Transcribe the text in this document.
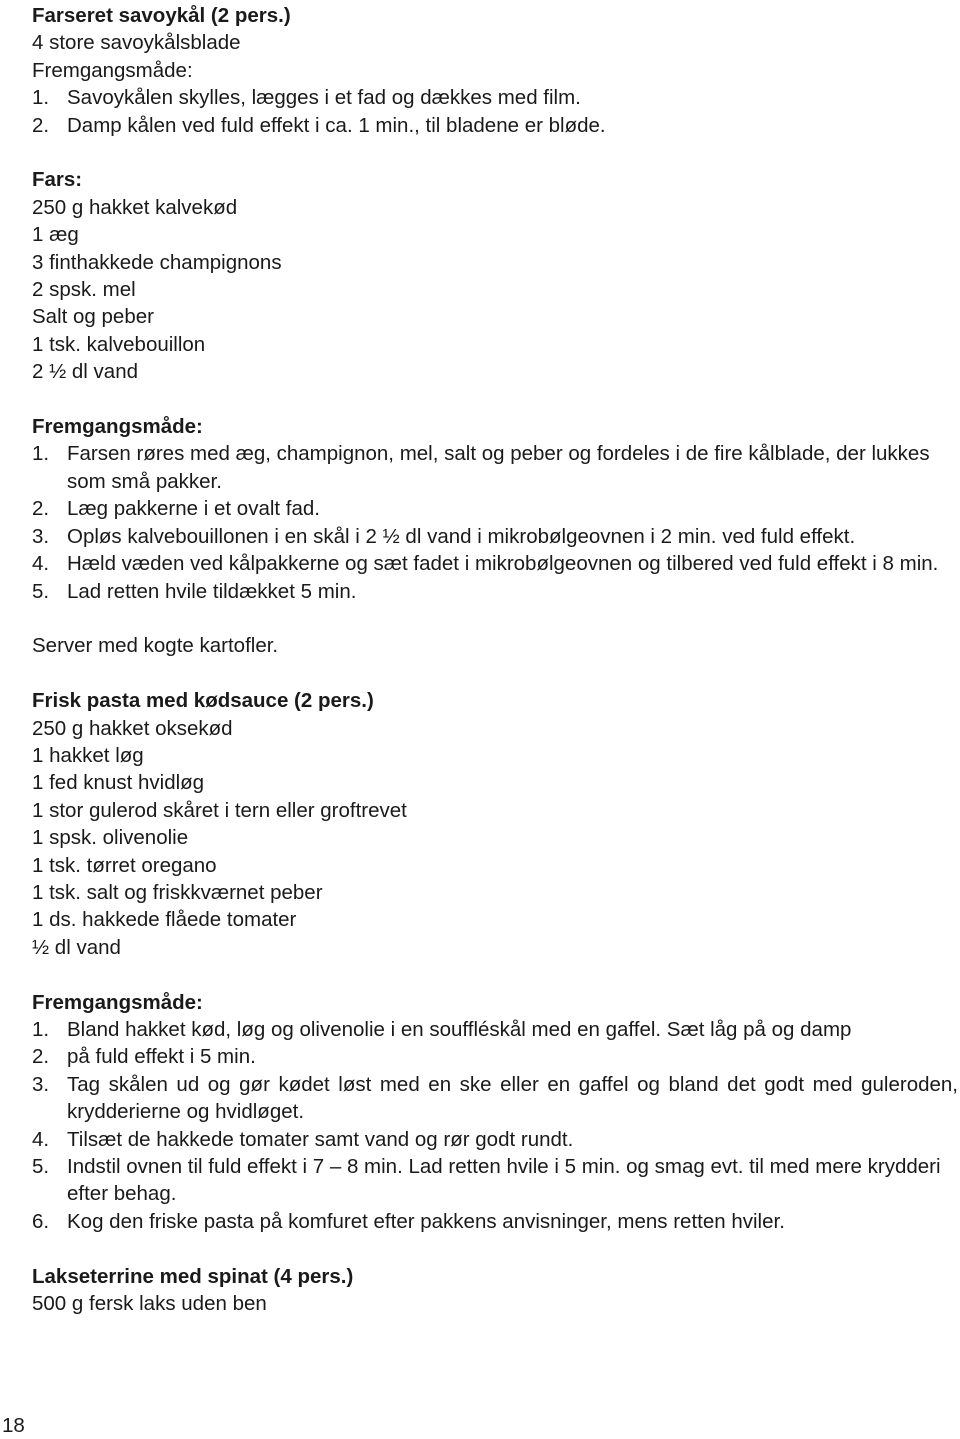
Farseret savoykål (2 pers.)
4 store savoykålsblade
Fremgangsmåde:
1. Savoykålen skylles, lægges i et fad og dækkes med film.
2. Damp kålen ved fuld effekt i ca. 1 min., til bladene er bløde.
Fars:
250 g hakket kalvekød
1 æg
3 finthakkede champignons
2 spsk. mel
Salt og peber
1 tsk. kalvebouillon
2 ½ dl vand
Fremgangsmåde:
1. Farsen røres med æg, champignon, mel, salt og peber og fordeles i de fire kålblade, der lukkes som små pakker.
2. Læg pakkerne i et ovalt fad.
3. Opløs kalvebouillonen i en skål i 2 ½ dl vand i mikrobølgeovnen i 2 min. ved fuld effekt.
4. Hæld væden ved kålpakkerne og sæt fadet i mikrobølgeovnen og tilbered ved fuld effekt i 8 min.
5. Lad retten hvile tildækket 5 min.
Server med kogte kartofler.
Frisk pasta med kødsauce (2 pers.)
250 g hakket oksekød
1 hakket løg
1 fed knust hvidløg
1 stor gulerod skåret i tern eller groftrevet
1 spsk. olivenolie
1 tsk. tørret oregano
1 tsk. salt og friskkværnet peber
1 ds. hakkede flåede tomater
½ dl vand
Fremgangsmåde:
1. Bland hakket kød, løg og olivenolie i en souffléskål med en gaffel. Sæt låg på og damp
2. på fuld effekt i 5 min.
3. Tag skålen ud og gør kødet løst med en ske eller en gaffel og bland det godt med guleroden, krydderierne og hvidløget.
4. Tilsæt de hakkede tomater samt vand og rør godt rundt.
5. Indstil ovnen til fuld effekt i 7 – 8 min. Lad retten hvile i 5 min. og smag evt. til med mere krydderi efter behag.
6. Kog den friske pasta på komfuret efter pakkens anvisninger, mens retten hviler.
Lakseterrine med spinat (4 pers.)
500 g fersk laks uden ben
18
